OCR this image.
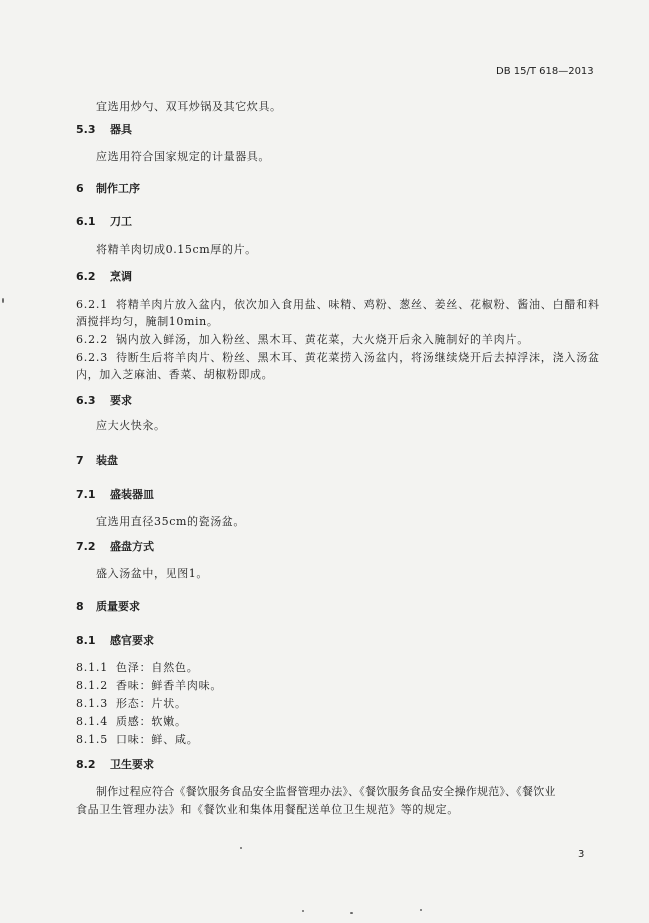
DB 15/T 618—2013
宜选用炒勺、双耳炒锅及其它炊具。
5.3 器具
应选用符合国家规定的计量器具。
6 制作工序
6.1 刀工
将精羊肉切成0.15cm厚的片。
6.2 烹调
6.2.1 将精羊肉片放入盆内，依次加入食用盐、味精、鸡粉、葱丝、姜丝、花椒粉、酱油、白醋和料
酒搅拌均匀，腌制10min。
6.2.2 锅内放入鲜汤，加入粉丝、黑木耳、黄花菜，大火烧开后汆入腌制好的羊肉片。
6.2.3 待断生后将羊肉片、粉丝、黑木耳、黄花菜捞入汤盆内，将汤继续烧开后去掉浮沫，浇入汤盆
内，加入芝麻油、香菜、胡椒粉即成。
6.3 要求
应大火快汆。
7 装盘
7.1 盛装器皿
宜选用直径35cm的瓷汤盆。
7.2 盛盘方式
盛入汤盆中，见图1。
8 质量要求
8.1 感官要求
8.1.1 色泽：自然色。
8.1.2 香味：鲜香羊肉味。
8.1.3 形态：片状。
8.1.4 质感：软嫩。
8.1.5 口味：鲜、咸。
8.2 卫生要求
制作过程应符合《餐饮服务食品安全监督管理办法》、《餐饮服务食品安全操作规范》、《餐饮业
食品卫生管理办法》和《餐饮业和集体用餐配送单位卫生规范》等的规定。
3
